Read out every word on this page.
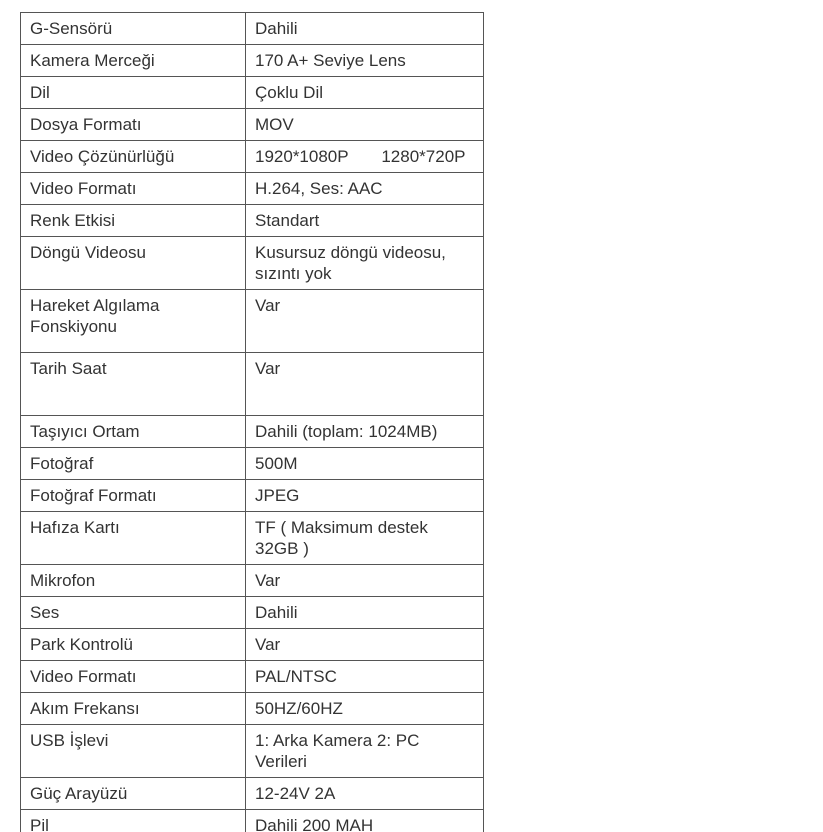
G-Sensörü	Dahili
Kamera Merceği	170 A+ Seviye Lens
Dil	Çoklu Dil
Dosya Formatı	MOV
Video Çözünürlüğü	1920*1080P       1280*720P
Video Formatı	H.264, Ses: AAC
Renk Etkisi	Standart
Döngü Videosu	Kusursuz döngü videosu, sızıntı yok
Hareket Algılama Fonskiyonu	Var
Tarih Saat	Var
Taşıyıcı Ortam	Dahili (toplam: 1024MB)
Fotoğraf	500M
Fotoğraf Formatı	JPEG
Hafıza Kartı	TF ( Maksimum destek 32GB )
Mikrofon	Var
Ses	Dahili
Park Kontrolü	Var
Video Formatı	PAL/NTSC
Akım Frekansı	50HZ/60HZ
USB İşlevi	1: Arka Kamera 2: PC Verileri
Güç Arayüzü	12-24V 2A
Pil	Dahili 200 MAH
